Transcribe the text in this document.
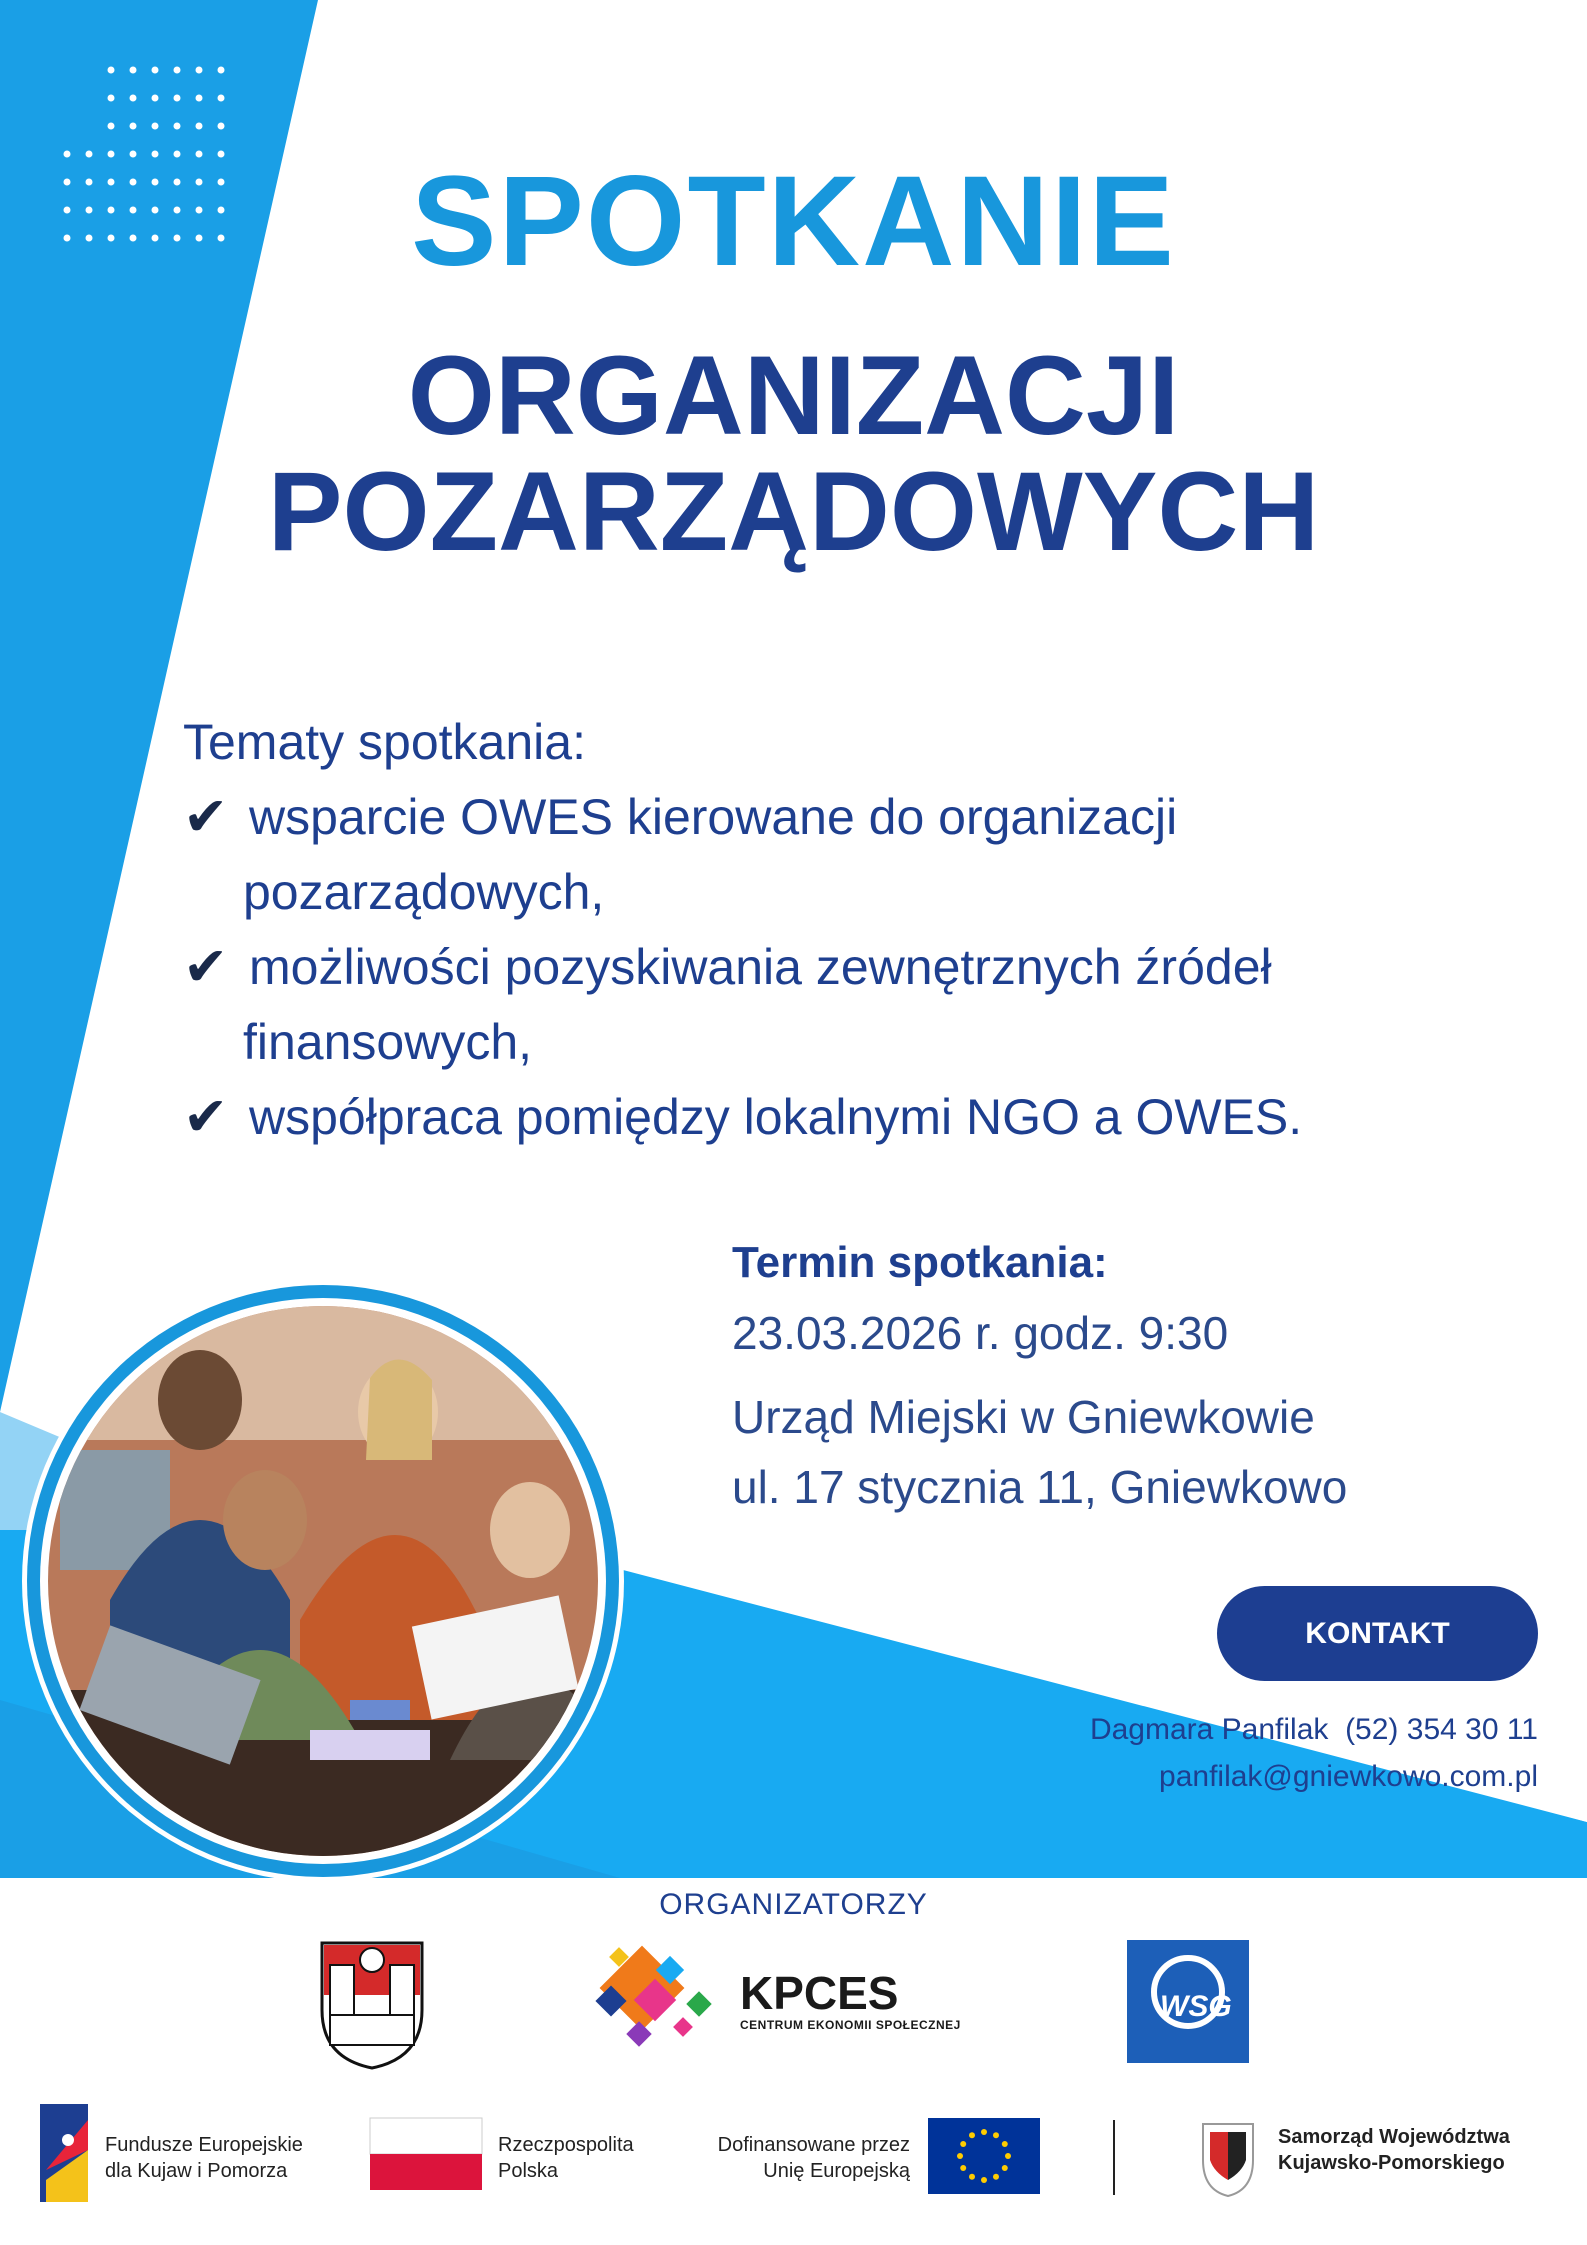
SPOTKANIE
ORGANIZACJI
POZARZĄDOWYCH
Tematy spotkania:
✔ wsparcie OWES kierowane do organizacji
pozarządowych,
✔ możliwości pozyskiwania zewnętrznych źródeł
finansowych,
✔ współpraca pomiędzy lokalnymi NGO a OWES.
Termin spotkania:
23.03.2026 r. godz. 9:30
Urząd Miejski w Gniewkowie
ul. 17 stycznia 11, Gniewkowo
KONTAKT
Dagmara Panfilak  (52) 354 30 11
panfilak@gniewkowo.com.pl
ORGANIZATORZY
KPCES
CENTRUM EKONOMII SPOŁECZNEJ
WSG
Fundusze Europejskie
dla Kujaw i Pomorza
Rzeczpospolita
Polska
Dofinansowane przez
Unię Europejską
Samorząd Województwa
Kujawsko-Pomorskiego
